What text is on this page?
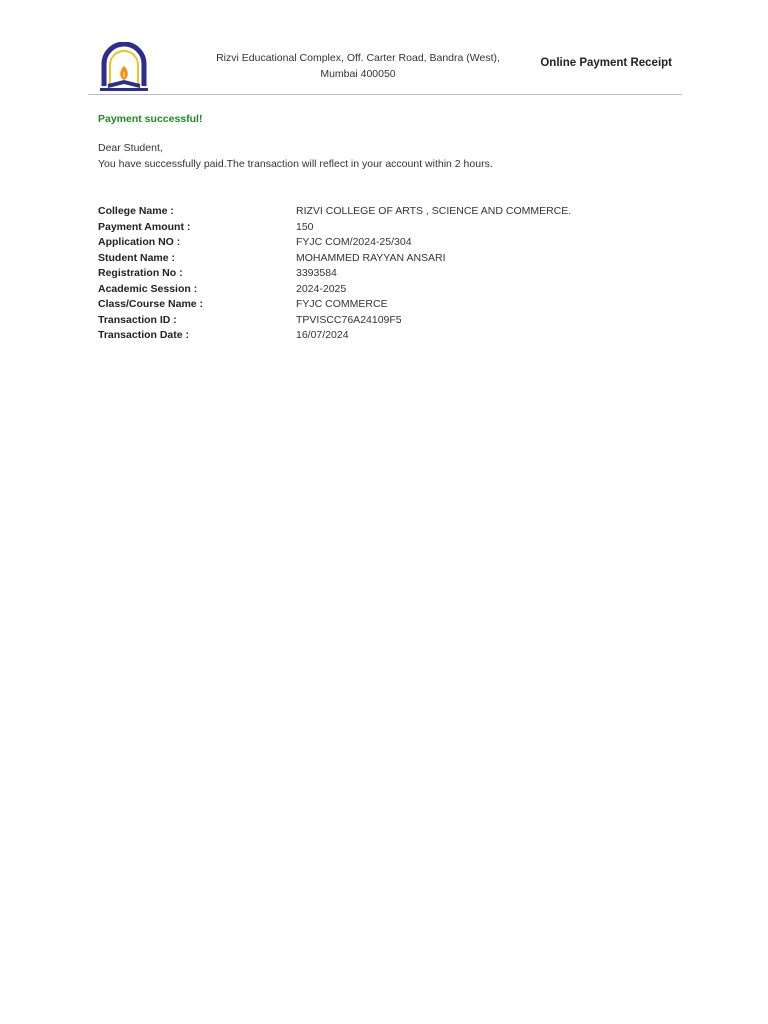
Rizvi Educational Complex, Off. Carter Road, Bandra (West),
Mumbai 400050
Online Payment Receipt
Payment successful!
Dear Student,
You have successfully paid.The transaction will reflect in your account within 2 hours.
College Name :	RIZVI COLLEGE OF ARTS , SCIENCE AND COMMERCE.
Payment Amount :	150
Application NO :	FYJC COM/2024-25/304
Student Name :	MOHAMMED RAYYAN ANSARI
Registration No :	3393584
Academic Session :	2024-2025
Class/Course Name :	FYJC COMMERCE
Transaction ID :	TPVISCC76A24109F5
Transaction Date :	16/07/2024
